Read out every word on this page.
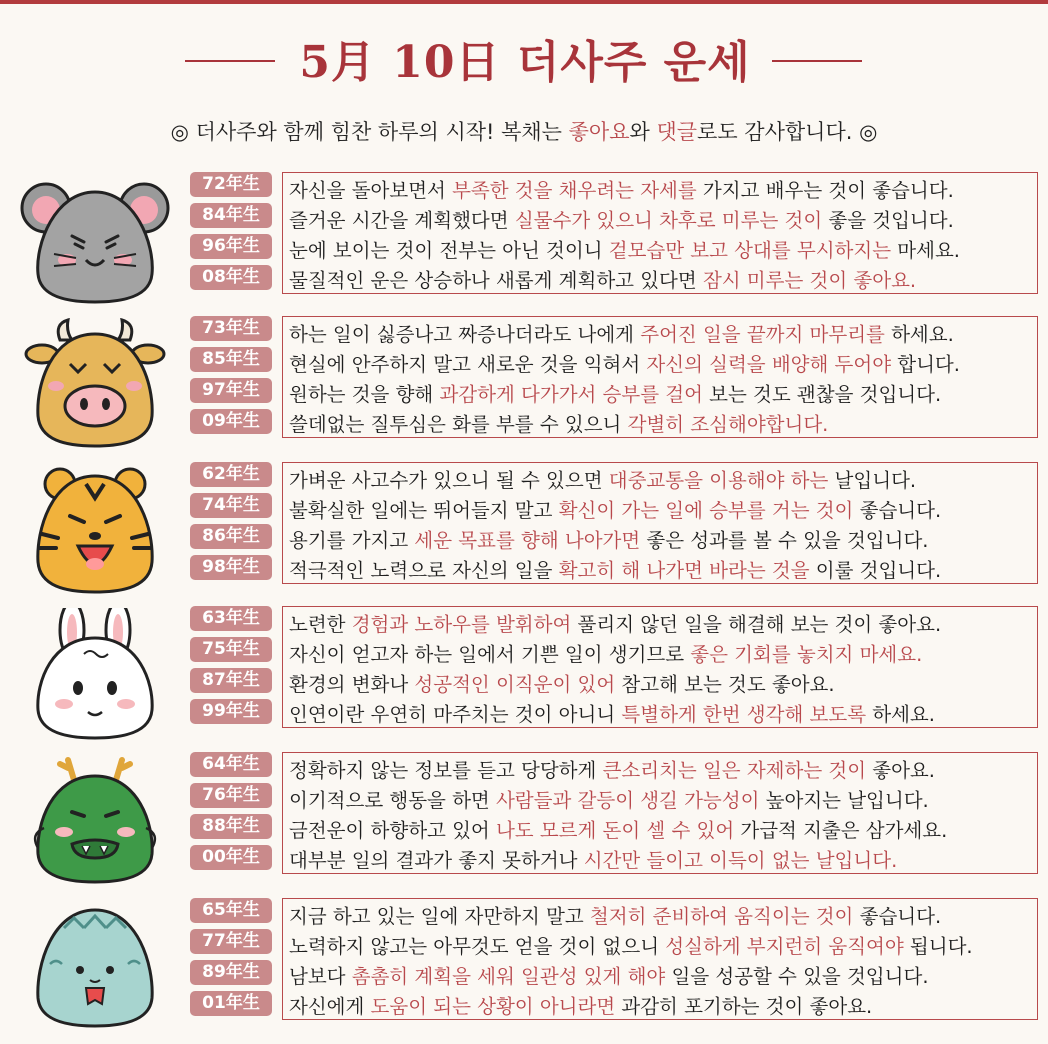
5月 10日 더사주 운세
◎ 더사주와 함께 힘찬 하루의 시작! 복채는 좋아요와 댓글로도 감사합니다. ◎
72年生
84年生
96年生
08年生
자신을 돌아보면서 부족한 것을 채우려는 자세를 가지고 배우는 것이 좋습니다.
즐거운 시간을 계획했다면 실물수가 있으니 차후로 미루는 것이 좋을 것입니다.
눈에 보이는 것이 전부는 아닌 것이니 겉모습만 보고 상대를 무시하지는 마세요.
물질적인 운은 상승하나 새롭게 계획하고 있다면 잠시 미루는 것이 좋아요.
73年生
85年生
97年生
09年生
하는 일이 싫증나고 짜증나더라도 나에게 주어진 일을 끝까지 마무리를 하세요.
현실에 안주하지 말고 새로운 것을 익혀서 자신의 실력을 배양해 두어야 합니다.
원하는 것을 향해 과감하게 다가가서 승부를 걸어 보는 것도 괜찮을 것입니다.
쓸데없는 질투심은 화를 부를 수 있으니 각별히 조심해야합니다.
62年生
74年生
86年生
98年生
가벼운 사고수가 있으니 될 수 있으면 대중교통을 이용해야 하는 날입니다.
불확실한 일에는 뛰어들지 말고 확신이 가는 일에 승부를 거는 것이 좋습니다.
용기를 가지고 세운 목표를 향해 나아가면 좋은 성과를 볼 수 있을 것입니다.
적극적인 노력으로 자신의 일을 확고히 해 나가면 바라는 것을 이룰 것입니다.
63年生
75年生
87年生
99年生
노련한 경험과 노하우를 발휘하여 풀리지 않던 일을 해결해 보는 것이 좋아요.
자신이 얻고자 하는 일에서 기쁜 일이 생기므로 좋은 기회를 놓치지 마세요.
환경의 변화나 성공적인 이직운이 있어 참고해 보는 것도 좋아요.
인연이란 우연히 마주치는 것이 아니니 특별하게 한번 생각해 보도록 하세요.
64年生
76年生
88年生
00年生
정확하지 않는 정보를 듣고 당당하게 큰소리치는 일은 자제하는 것이 좋아요.
이기적으로 행동을 하면 사람들과 갈등이 생길 가능성이 높아지는 날입니다.
금전운이 하향하고 있어 나도 모르게 돈이 셀 수 있어 가급적 지출은 삼가세요.
대부분 일의 결과가 좋지 못하거나 시간만 들이고 이득이 없는 날입니다.
65年生
77年生
89年生
01年生
지금 하고 있는 일에 자만하지 말고 철저히 준비하여 움직이는 것이 좋습니다.
노력하지 않고는 아무것도 얻을 것이 없으니 성실하게 부지런히 움직여야 됩니다.
남보다 촘촘히 계획을 세워 일관성 있게 해야 일을 성공할 수 있을 것입니다.
자신에게 도움이 되는 상황이 아니라면 과감히 포기하는 것이 좋아요.
